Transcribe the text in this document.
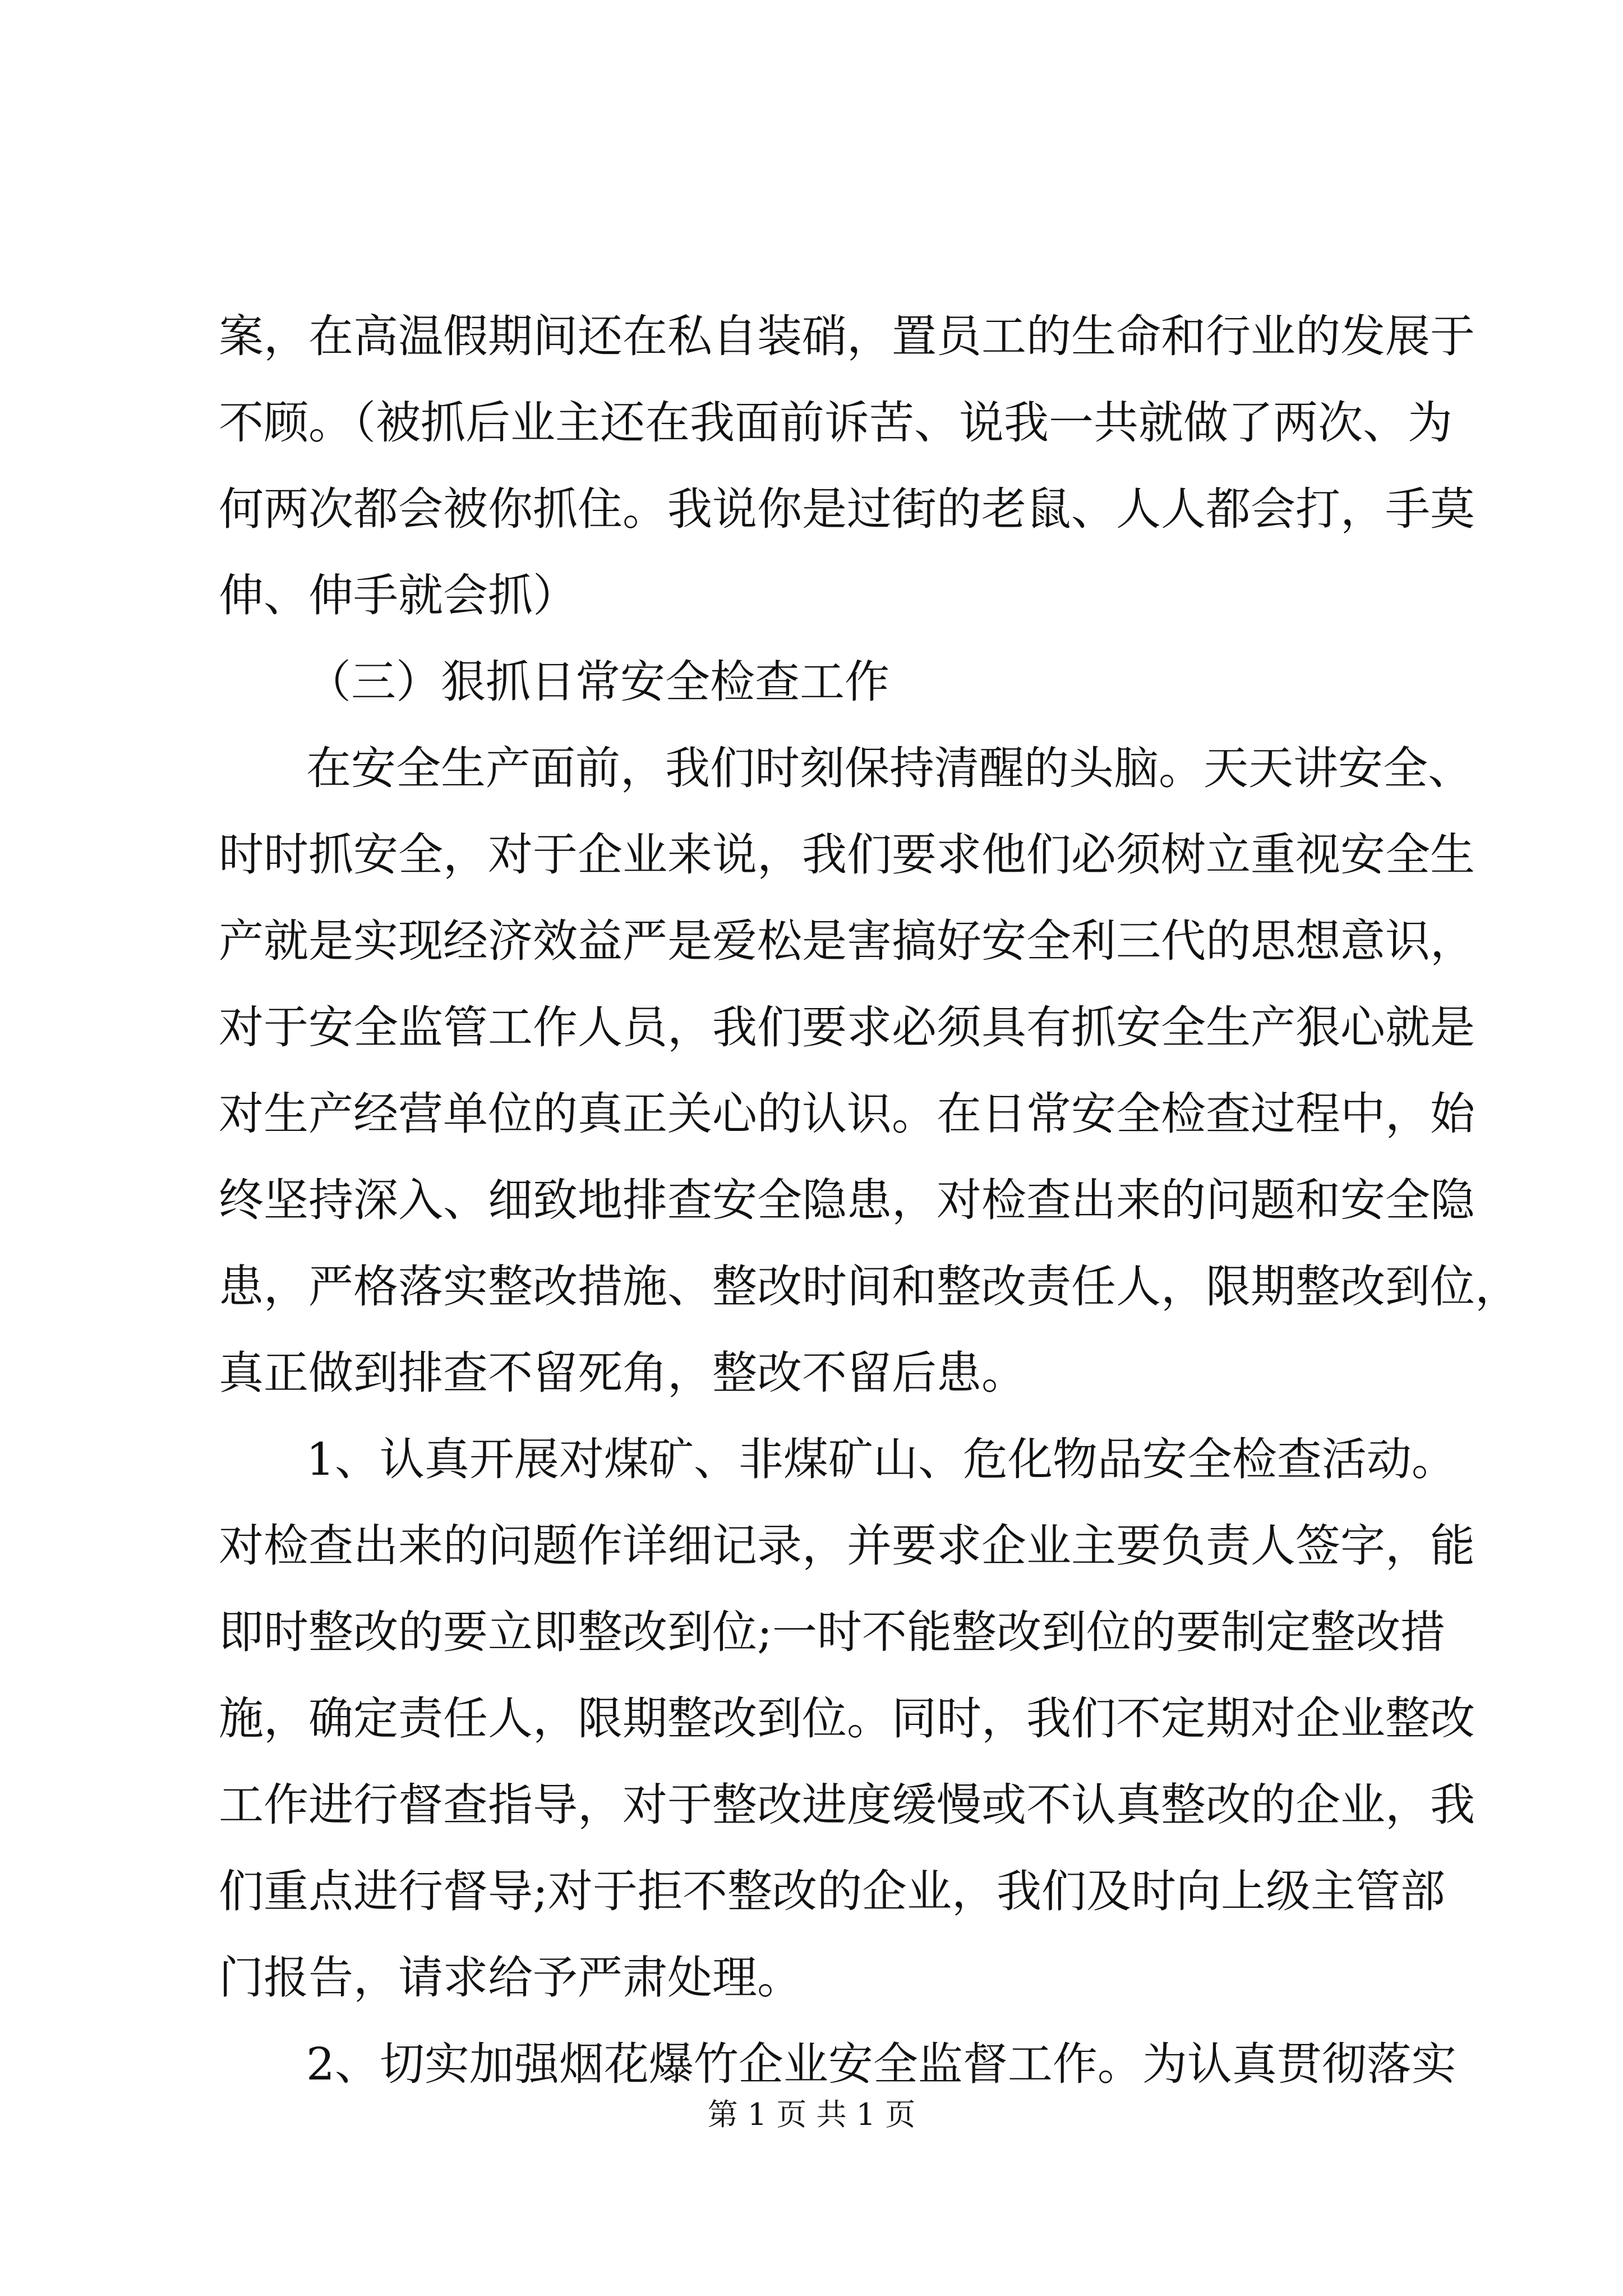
案，在高温假期间还在私自装硝，置员工的生命和行业的发展于
不顾。（被抓后业主还在我面前诉苦、说我一共就做了两次、为
何两次都会被你抓住。我说你是过街的老鼠、人人都会打，手莫
伸、伸手就会抓）
（三）狠抓日常安全检查工作
在安全生产面前，我们时刻保持清醒的头脑。天天讲安全、
时时抓安全，对于企业来说，我们要求他们必须树立重视安全生
产就是实现经济效益严是爱松是害搞好安全利三代的思想意识，
对于安全监管工作人员，我们要求必须具有抓安全生产狠心就是
对生产经营单位的真正关心的认识。在日常安全检查过程中，始
终坚持深入、细致地排查安全隐患，对检查出来的问题和安全隐
患，严格落实整改措施、整改时间和整改责任人，限期整改到位，
真正做到排查不留死角，整改不留后患。
1、认真开展对煤矿、非煤矿山、危化物品安全检查活动。
对检查出来的问题作详细记录，并要求企业主要负责人签字，能
即时整改的要立即整改到位;一时不能整改到位的要制定整改措
施，确定责任人，限期整改到位。同时，我们不定期对企业整改
工作进行督查指导，对于整改进度缓慢或不认真整改的企业，我
们重点进行督导;对于拒不整改的企业，我们及时向上级主管部
门报告，请求给予严肃处理。
2、切实加强烟花爆竹企业安全监督工作。为认真贯彻落实
第 1 页 共 1 页
